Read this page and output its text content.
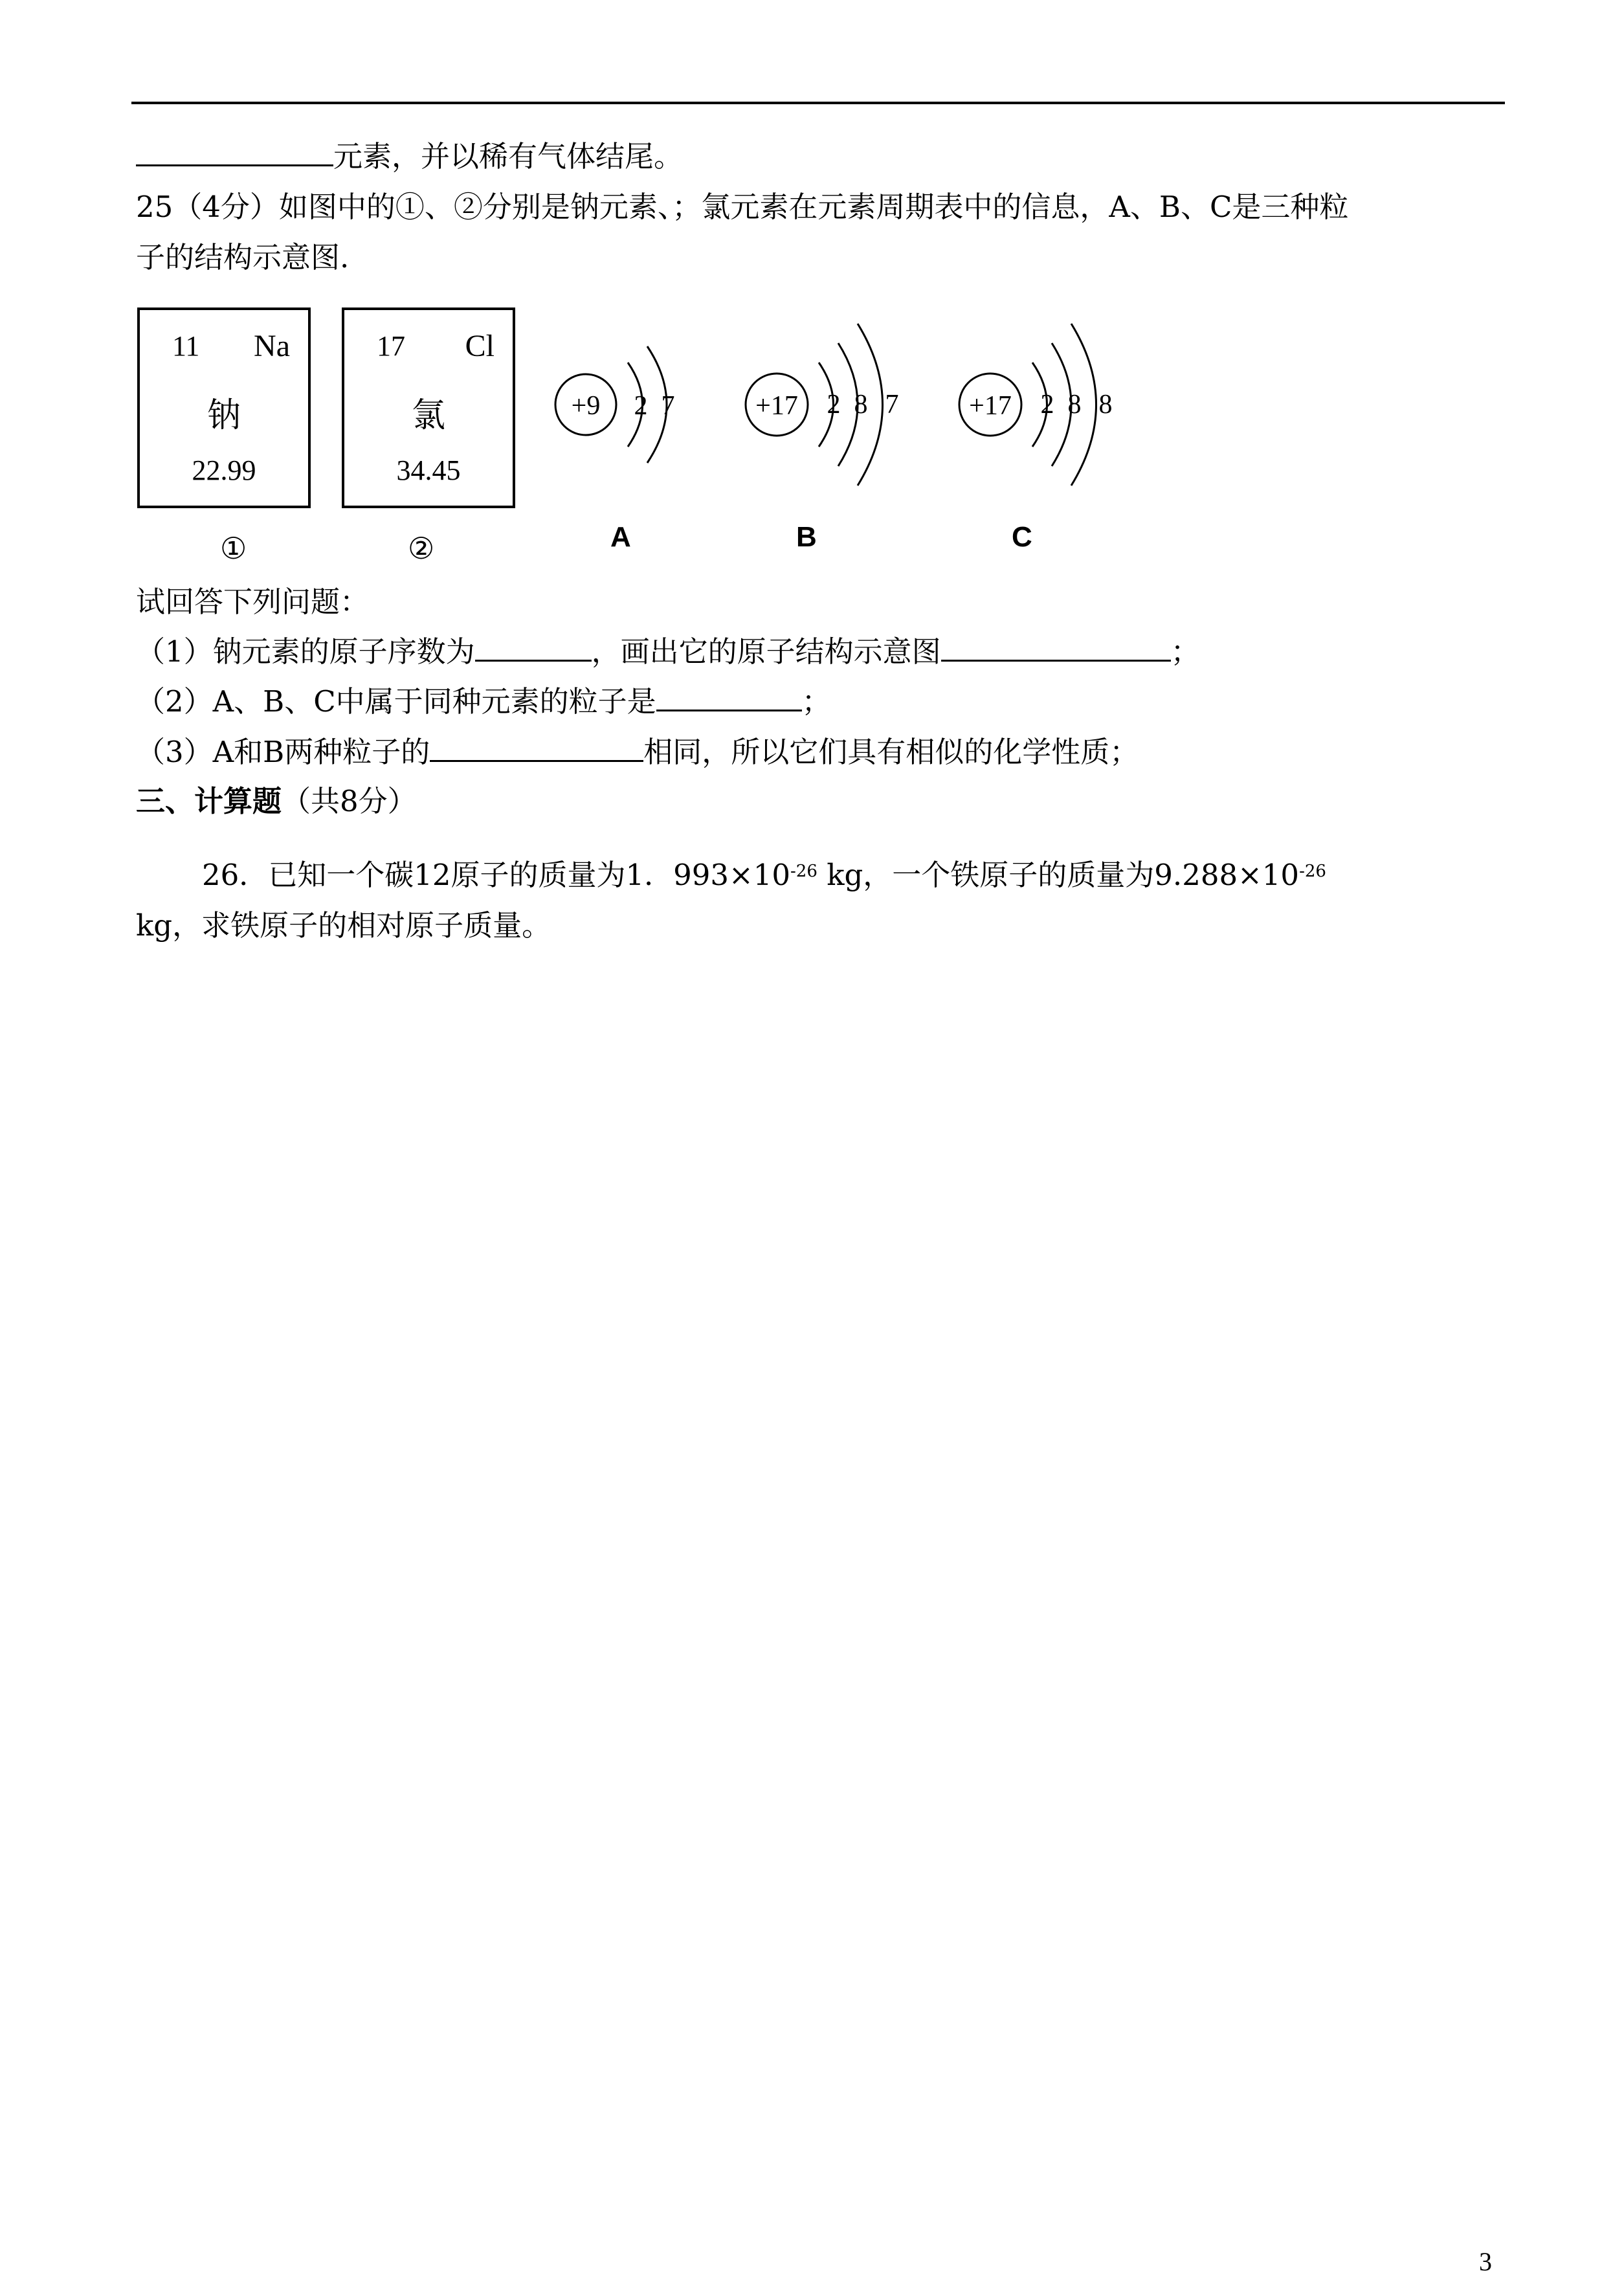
元素，并以稀有气体结尾。
25（4分）如图中的①、②分别是钠元素、；氯元素在元素周期表中的信息，A、B、C是三种粒
子的结构示意图.
11 Na
钠
22.99
①
17 Cl
氯
34.45
②
+9 2 7
A
+17 2 8 7
B
+17 2 8 8
C
试回答下列问题：
（1）钠元素的原子序数为	，画出它的原子结构示意图	；
（2）A、B、C中属于同种元素的粒子是	；
（3）A和B两种粒子的	相同，所以它们具有相似的化学性质；
三、计算题（共8分）
26．已知一个碳12原子的质量为1．$993\times 10^{-26}$ kg，一个铁原子的质量为$9.288\times 10^{-26}$
kg，求铁原子的相对原子质量。
3
